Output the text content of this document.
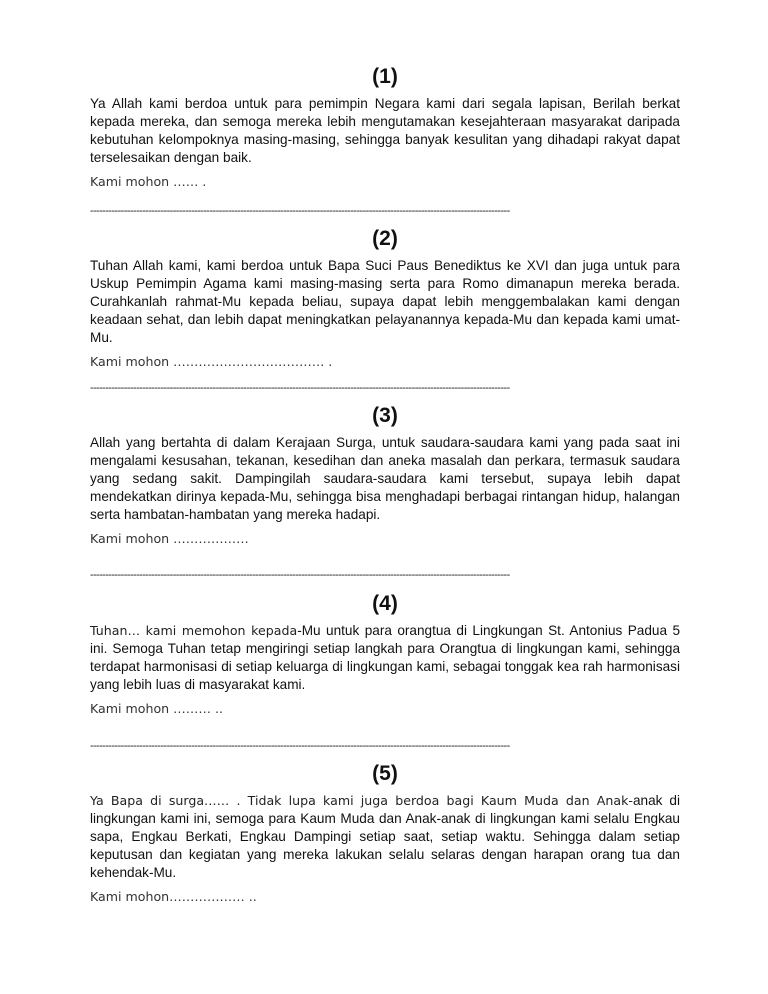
(1)

Ya Allah kami berdoa untuk para pemimpin Negara kami dari segala lapisan, Berilah berkat kepada mereka, dan semoga mereka lebih mengutamakan kesejahteraan masyarakat daripada kebutuhan kelompoknya masing-masing, sehingga banyak kesulitan yang dihadapi rakyat dapat terselesaikan dengan baik.

Kami mohon …… .

-----------------------------------------------------------------------------------------------------------------------------------------
(2)

Tuhan Allah kami, kami berdoa untuk Bapa Suci Paus Benediktus ke XVI dan juga untuk para Uskup Pemimpin Agama kami masing-masing serta para Romo dimanapun mereka berada. Curahkanlah rahmat-Mu kepada beliau, supaya dapat lebih menggembalakan kami dengan keadaan sehat, dan lebih dapat meningkatkan pelayanannya kepada-Mu dan kepada kami umat-Mu.

Kami mohon ……………………………… .

-----------------------------------------------------------------------------------------------------------------------------------------
(3)

Allah yang bertahta di dalam Kerajaan Surga, untuk saudara-saudara kami yang pada saat ini mengalami kesusahan, tekanan, kesedihan dan aneka masalah dan perkara, termasuk saudara yang sedang sakit. Dampingilah saudara-saudara kami tersebut, supaya lebih dapat mendekatkan dirinya kepada-Mu, sehingga bisa menghadapi berbagai rintangan hidup, halangan serta hambatan-hambatan yang mereka hadapi.

Kami mohon ………………

-----------------------------------------------------------------------------------------------------------------------------------------
(4)

Tuhan… kami memohon kepada-Mu untuk para orangtua di Lingkungan St. Antonius Padua 5 ini. Semoga Tuhan tetap mengiringi setiap langkah para Orangtua di lingkungan kami, sehingga terdapat harmonisasi di setiap keluarga di lingkungan kami, sebagai tonggak kea rah harmonisasi yang lebih luas di masyarakat kami.

Kami mohon ……… ..

-----------------------------------------------------------------------------------------------------------------------------------------
(5)

Ya Bapa di surga…… . Tidak lupa kami juga berdoa bagi Kaum Muda dan Anak-anak di lingkungan kami ini, semoga para Kaum Muda dan Anak-anak di lingkungan kami selalu Engkau sapa, Engkau Berkati, Engkau Dampingi setiap saat, setiap waktu. Sehingga dalam setiap keputusan dan kegiatan yang mereka lakukan selalu selaras dengan harapan orang tua dan kehendak-Mu.

Kami mohon……………… ..
